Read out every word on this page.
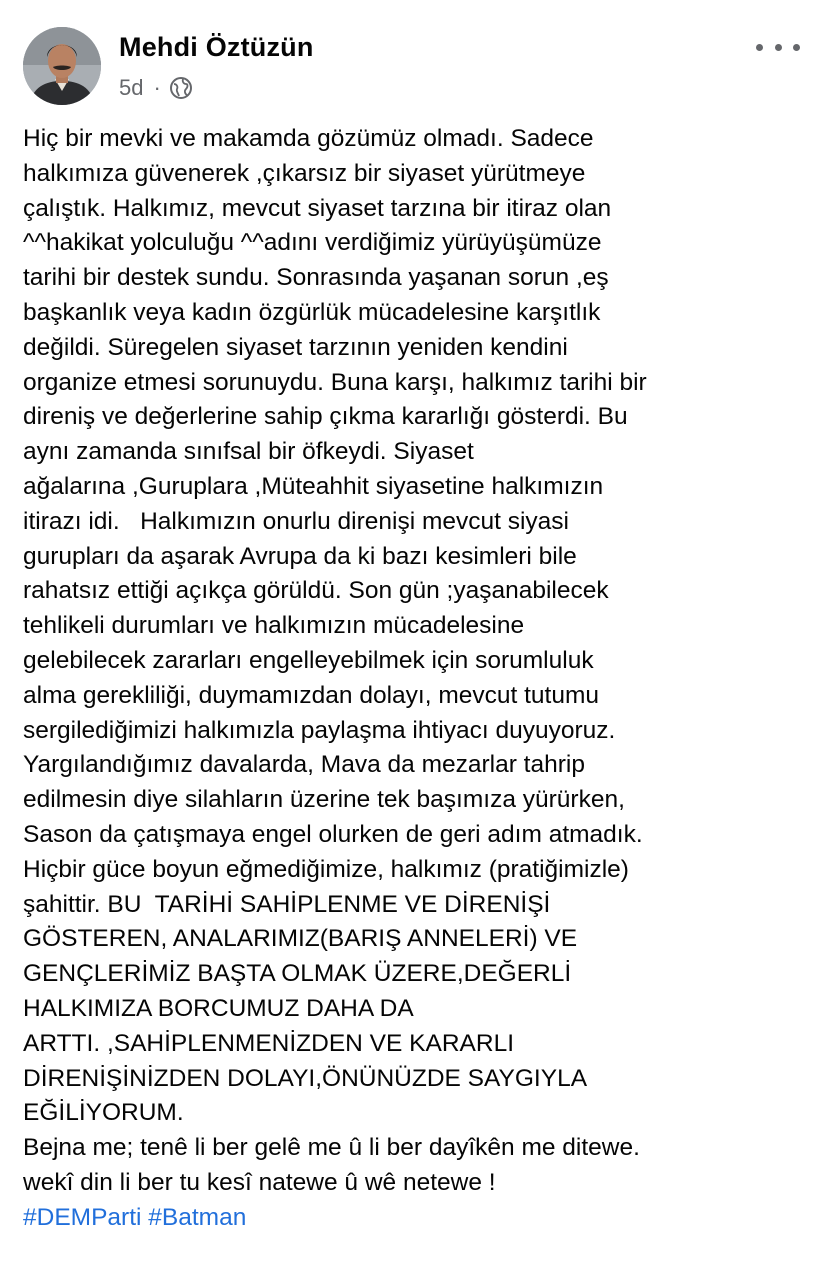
Mehdi Öztüzün
5d ·
Hiç bir mevki ve makamda gözümüz olmadı. Sadece
halkımıza güvenerek ,çıkarsız bir siyaset yürütmeye
çalıştık. Halkımız, mevcut siyaset tarzına bir itiraz olan
^^hakikat yolculuğu ^^adını verdiğimiz yürüyüşümüze
tarihi bir destek sundu. Sonrasında yaşanan sorun ,eş
başkanlık veya kadın özgürlük mücadelesine karşıtlık
değildi. Süregelen siyaset tarzının yeniden kendini
organize etmesi sorunuydu. Buna karşı, halkımız tarihi bir
direniş ve değerlerine sahip çıkma kararlığı gösterdi. Bu
aynı zamanda sınıfsal bir öfkeydi. Siyaset
ağalarına ,Guruplara ,Müteahhit siyasetine halkımızın
itirazı idi.   Halkımızın onurlu direnişi mevcut siyasi
gurupları da aşarak Avrupa da ki bazı kesimleri bile
rahatsız ettiği açıkça görüldü. Son gün ;yaşanabilecek
tehlikeli durumları ve halkımızın mücadelesine
gelebilecek zararları engelleyebilmek için sorumluluk
alma gerekliliği, duymamızdan dolayı, mevcut tutumu
sergilediğimizi halkımızla paylaşma ihtiyacı duyuyoruz.
Yargılandığımız davalarda, Mava da mezarlar tahrip
edilmesin diye silahların üzerine tek başımıza yürürken,
Sason da çatışmaya engel olurken de geri adım atmadık.
Hiçbir güce boyun eğmediğimize, halkımız (pratiğimizle)
şahittir. BU  TARİHİ SAHİPLENME VE DİRENİŞİ
GÖSTEREN, ANALARIMIZ(BARIŞ ANNELERİ) VE
GENÇLERİMİZ BAŞTA OLMAK ÜZERE,DEĞERLİ
HALKIMIZA BORCUMUZ DAHA DA
ARTTI. ,SAHİPLENMENİZDEN VE KARARLI
DİRENİŞİNİZDEN DOLAYI,ÖNÜNÜZDE SAYGIYLA
EĞİLİYORUM.
Bejna me; tenê li ber gelê me û li ber dayîkên me ditewe.
wekî din li ber tu kesî natewe û wê netewe !
#DEMParti #Batman
